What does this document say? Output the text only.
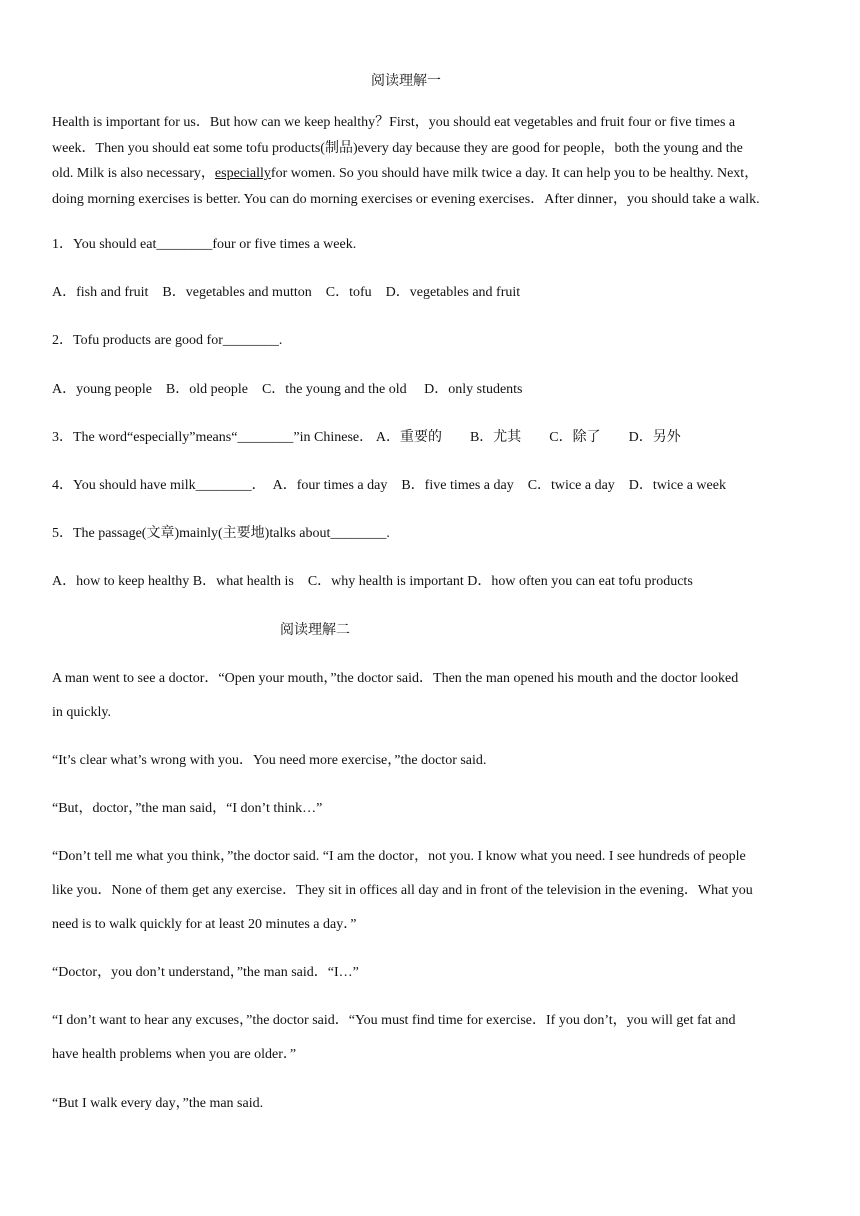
阅读理解一
Health is important for us．But how can we keep healthy？First，you should eat vegetables and fruit four or five times a
week．Then you should eat some tofu products(制品)every day because they are good for people，both the young and the
old. Milk is also necessary，especiallyfor women. So you should have milk twice a day. It can help you to be healthy. Next，
doing morning exercises is better. You can do morning exercises or evening exercises．After dinner，you should take a walk.
1．You should eat________four or five times a week.
A．fish and fruit　B．vegetables and mutton　C．tofu　D．vegetables and fruit
2．Tofu products are good for________.
A．young people　B．old people　C．the young and the old　 D．only students
3．The word“especially”means“________”in Chinese． A．重要的　　B．尤其　　C．除了　　D．另外
4．You should have milk________．　A．four times a day　B．five times a day　C．twice a day　D．twice a week
5．The passage(文章)mainly(主要地)talks about________.
A．how to keep healthy B．what health is　C．why health is important D．how often you can eat tofu products
阅读理解二
A man went to see a doctor．“Open your mouth，”the doctor said．Then the man opened his mouth and the doctor looked
in quickly.
“It’s clear what’s wrong with you．You need more exercise，”the doctor said.
“But，doctor，”the man said，“I don’t think…”
“Don’t tell me what you think，”the doctor said. “I am the doctor，not you. I know what you need. I see hundreds of people
like you．None of them get any exercise．They sit in offices all day and in front of the television in the evening．What you
need is to walk quickly for at least 20 minutes a day．”
“Doctor，you don’t understand，”the man said．“I…”
“I don’t want to hear any excuses，”the doctor said．“You must find time for exercise．If you don’t，you will get fat and
have health problems when you are older．”
“But I walk every day，”the man said.
